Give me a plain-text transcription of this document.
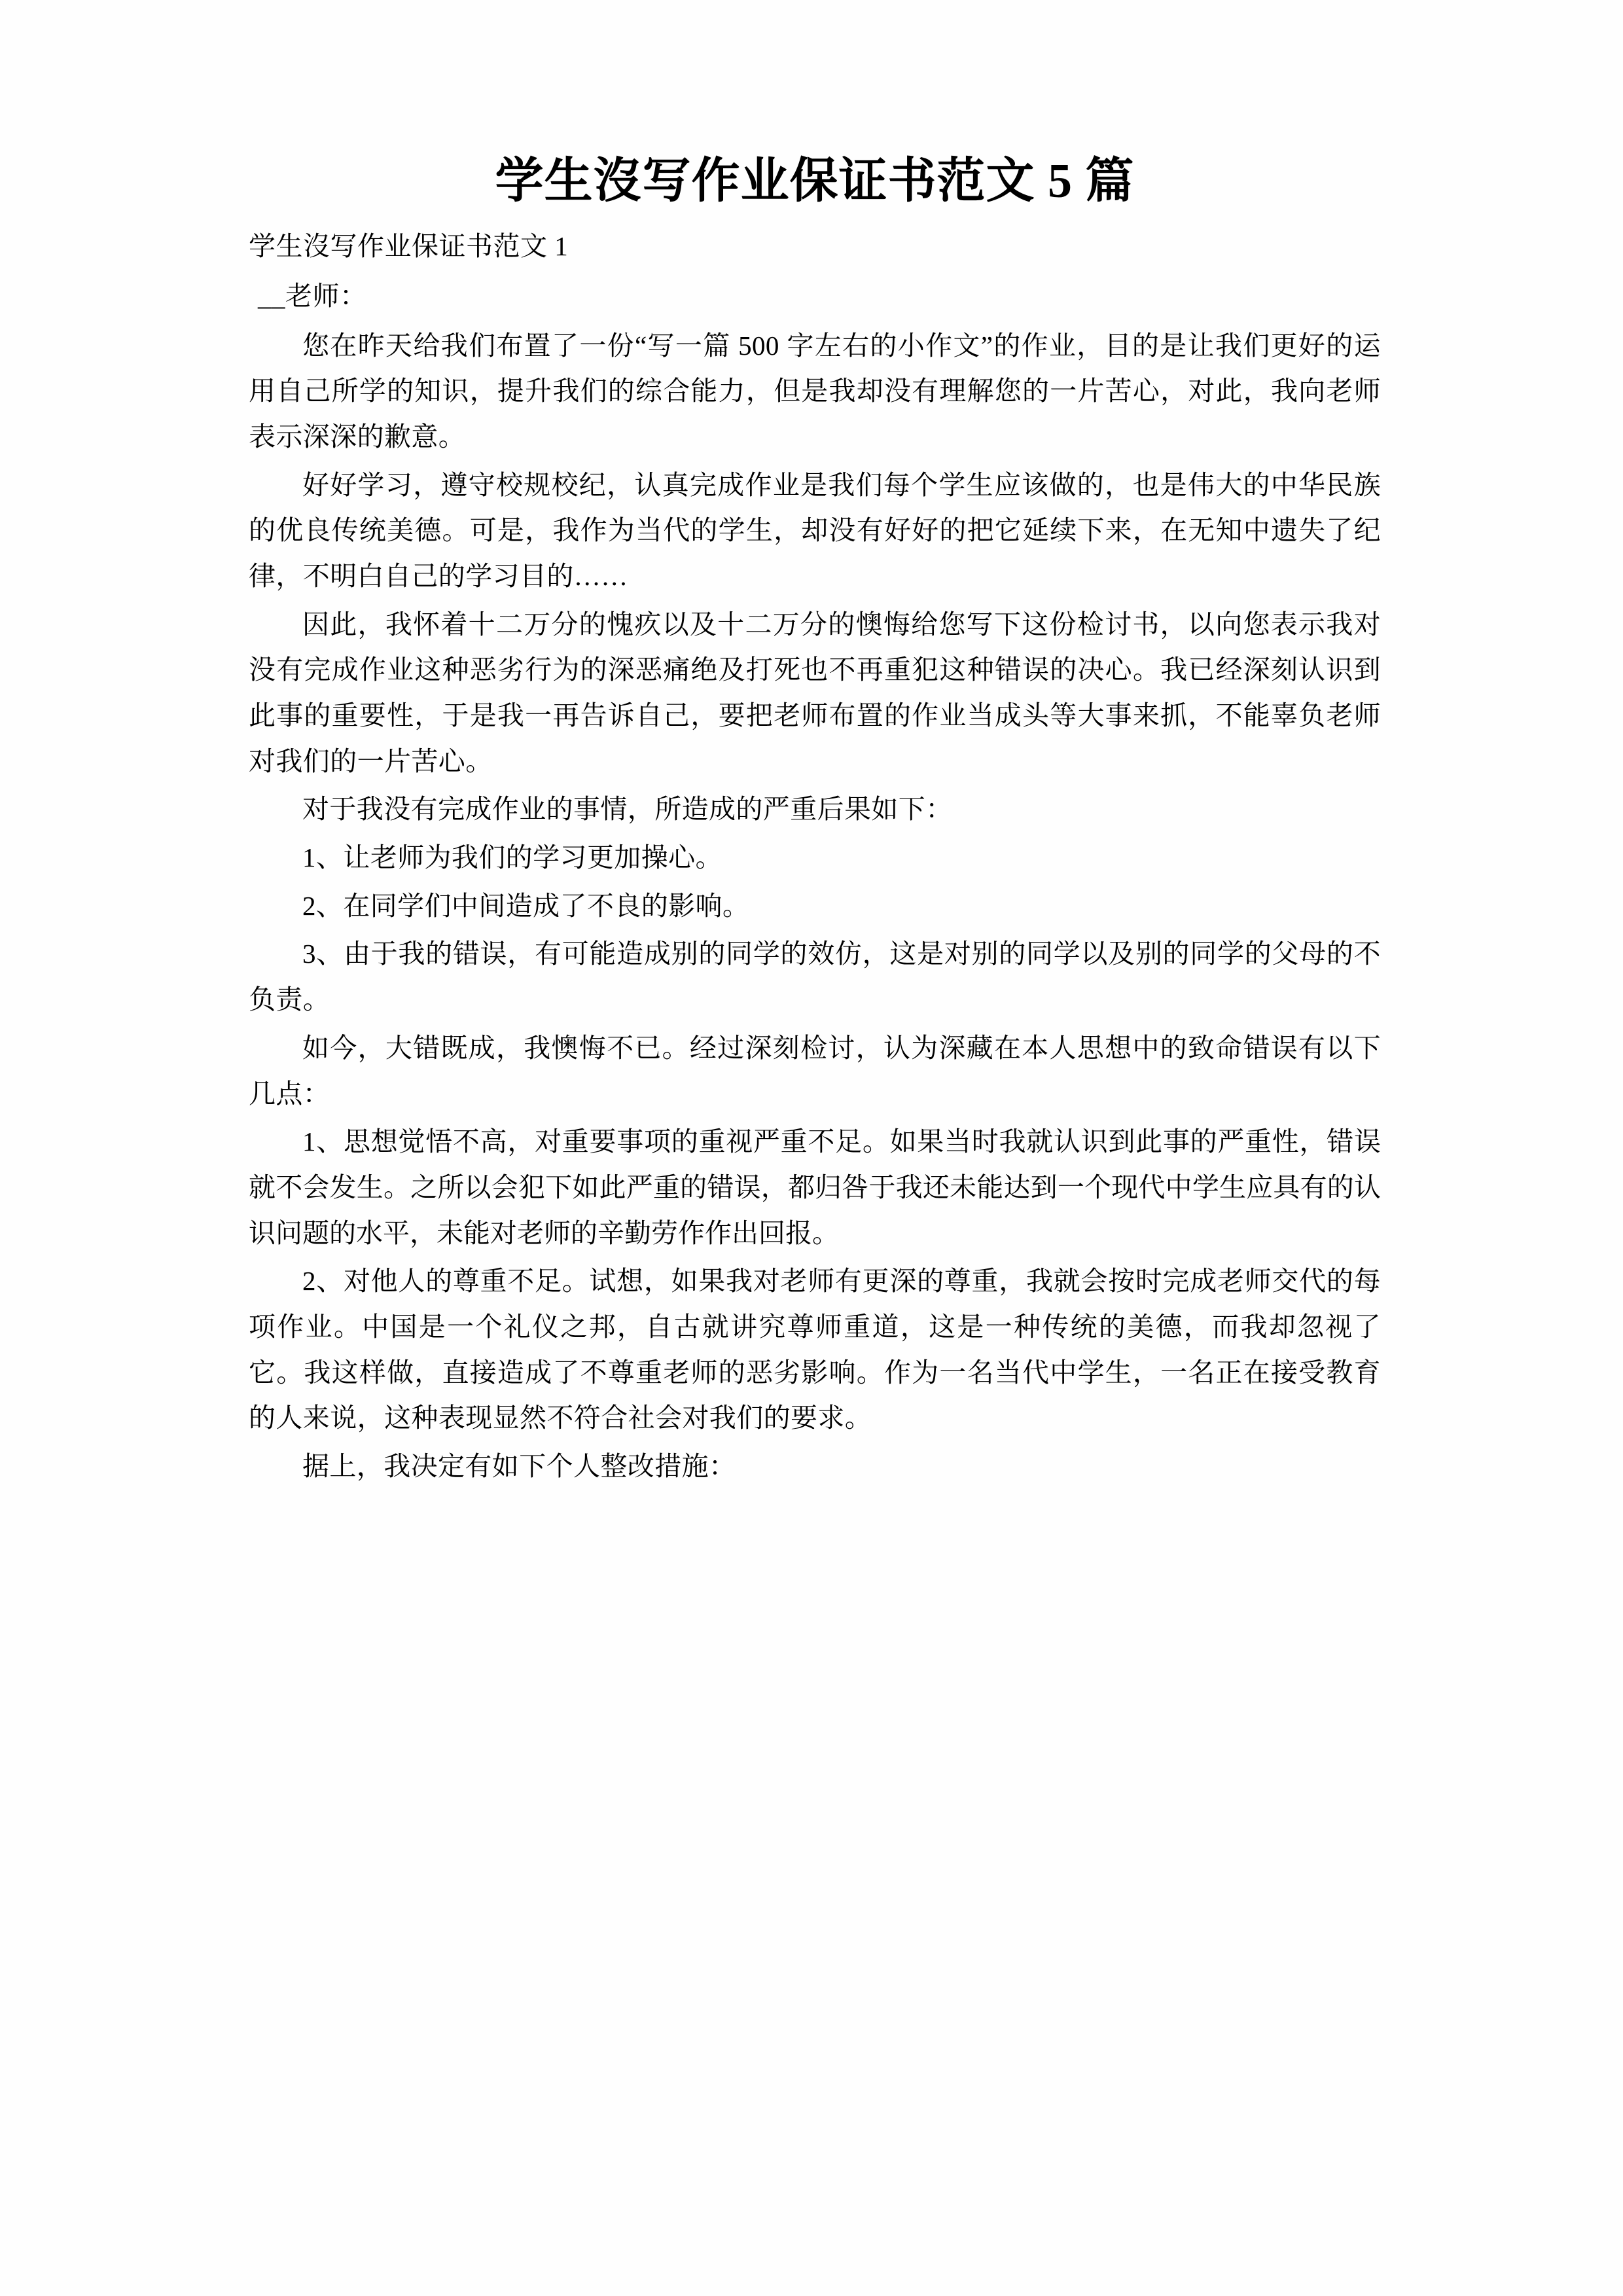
学生沒写作业保证书范文 5 篇

学生沒写作业保证书范文 1

__老师：

您在昨天给我们布置了一份“写一篇 500 字左右的小作文”的作业，目的是让我们更好的运用自己所学的知识，提升我们的综合能力，但是我却没有理解您的一片苦心，对此，我向老师表示深深的歉意。

好好学习，遵守校规校纪，认真完成作业是我们每个学生应该做的，也是伟大的中华民族的优良传统美德。可是，我作为当代的学生，却没有好好的把它延续下来，在无知中遗失了纪律，不明白自己的学习目的……

因此，我怀着十二万分的愧疚以及十二万分的懊悔给您写下这份检讨书，以向您表示我对没有完成作业这种恶劣行为的深恶痛绝及打死也不再重犯这种错误的决心。我已经深刻认识到此事的重要性，于是我一再告诉自己，要把老师布置的作业当成头等大事来抓，不能辜负老师对我们的一片苦心。

对于我没有完成作业的事情，所造成的严重后果如下：

1、让老师为我们的学习更加操心。

2、在同学们中间造成了不良的影响。

3、由于我的错误，有可能造成别的同学的效仿，这是对别的同学以及别的同学的父母的不负责。

如今，大错既成，我懊悔不已。经过深刻检讨，认为深藏在本人思想中的致命错误有以下几点：

1、思想觉悟不高，对重要事项的重视严重不足。如果当时我就认识到此事的严重性，错误就不会发生。之所以会犯下如此严重的错误，都归咎于我还未能达到一个现代中学生应具有的认识问题的水平，未能对老师的辛勤劳作作出回报。

2、对他人的尊重不足。试想，如果我对老师有更深的尊重，我就会按时完成老师交代的每项作业。中国是一个礼仪之邦，自古就讲究尊师重道，这是一种传统的美德，而我却忽视了它。我这样做，直接造成了不尊重老师的恶劣影响。作为一名当代中学生，一名正在接受教育的人来说，这种表现显然不符合社会对我们的要求。

据上，我决定有如下个人整改措施：
